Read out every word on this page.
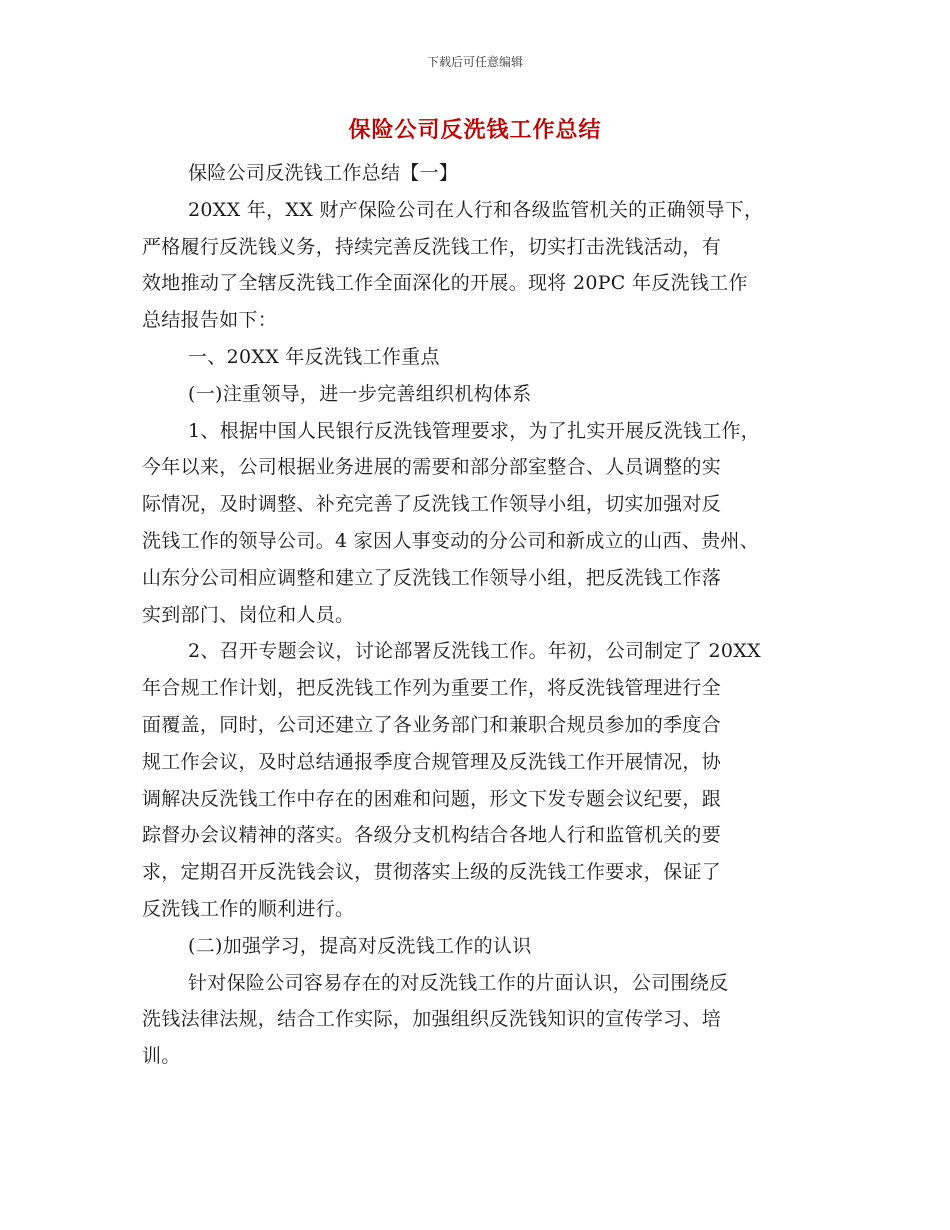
下载后可任意编辑
保险公司反洗钱工作总结
保险公司反洗钱工作总结【一】
20XX 年，XX 财产保险公司在人行和各级监管机关的正确领导下，
严格履行反洗钱义务，持续完善反洗钱工作，切实打击洗钱活动，有
效地推动了全辖反洗钱工作全面深化的开展。现将 20PC 年反洗钱工作
总结报告如下：
一、20XX 年反洗钱工作重点
(一)注重领导，进一步完善组织机构体系
1、根据中国人民银行反洗钱管理要求，为了扎实开展反洗钱工作，
今年以来，公司根据业务进展的需要和部分部室整合、人员调整的实
际情况，及时调整、补充完善了反洗钱工作领导小组，切实加强对反
洗钱工作的领导公司。4 家因人事变动的分公司和新成立的山西、贵州、
山东分公司相应调整和建立了反洗钱工作领导小组，把反洗钱工作落
实到部门、岗位和人员。
2、召开专题会议，讨论部署反洗钱工作。年初，公司制定了 20XX
年合规工作计划，把反洗钱工作列为重要工作，将反洗钱管理进行全
面覆盖，同时，公司还建立了各业务部门和兼职合规员参加的季度合
规工作会议，及时总结通报季度合规管理及反洗钱工作开展情况，协
调解决反洗钱工作中存在的困难和问题，形文下发专题会议纪要，跟
踪督办会议精神的落实。各级分支机构结合各地人行和监管机关的要
求，定期召开反洗钱会议，贯彻落实上级的反洗钱工作要求，保证了
反洗钱工作的顺利进行。
(二)加强学习，提高对反洗钱工作的认识
针对保险公司容易存在的对反洗钱工作的片面认识，公司围绕反
洗钱法律法规，结合工作实际，加强组织反洗钱知识的宣传学习、培
训。
